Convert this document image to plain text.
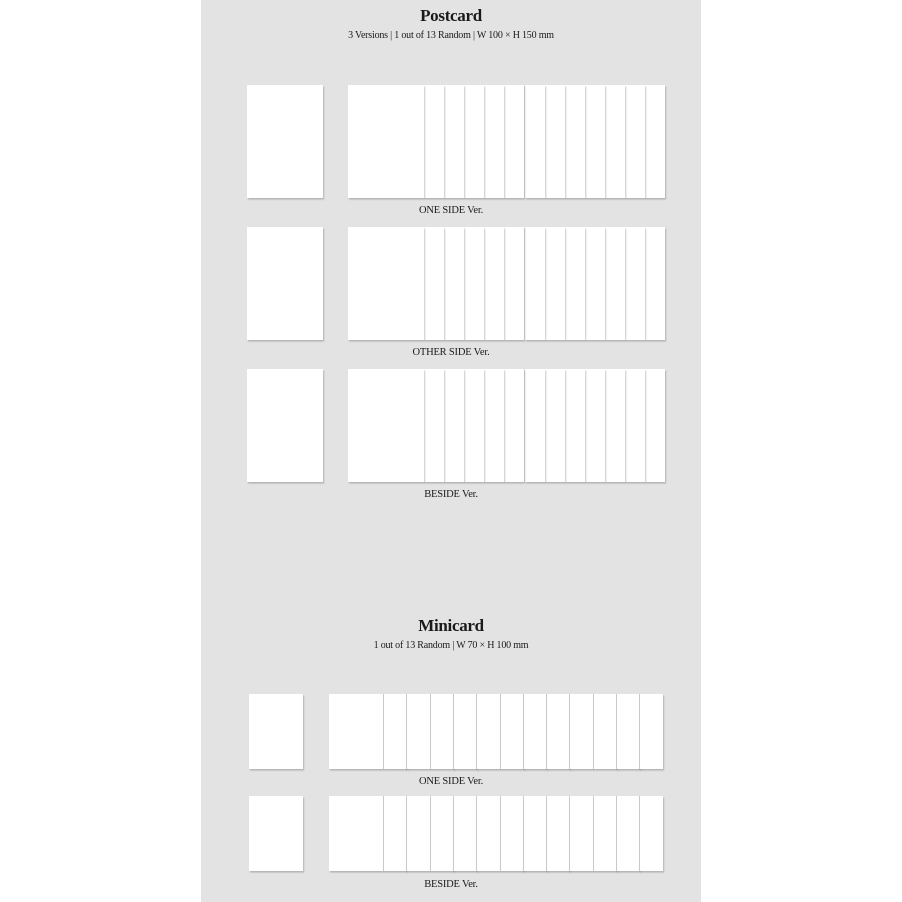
Postcard
3 Versions | 1 out of 13 Random | W 100 × H 150 mm
ONE SIDE Ver.
OTHER SIDE Ver.
BESIDE Ver.
Minicard
1 out of 13 Random | W 70 × H 100 mm
ONE SIDE Ver.
BESIDE Ver.
